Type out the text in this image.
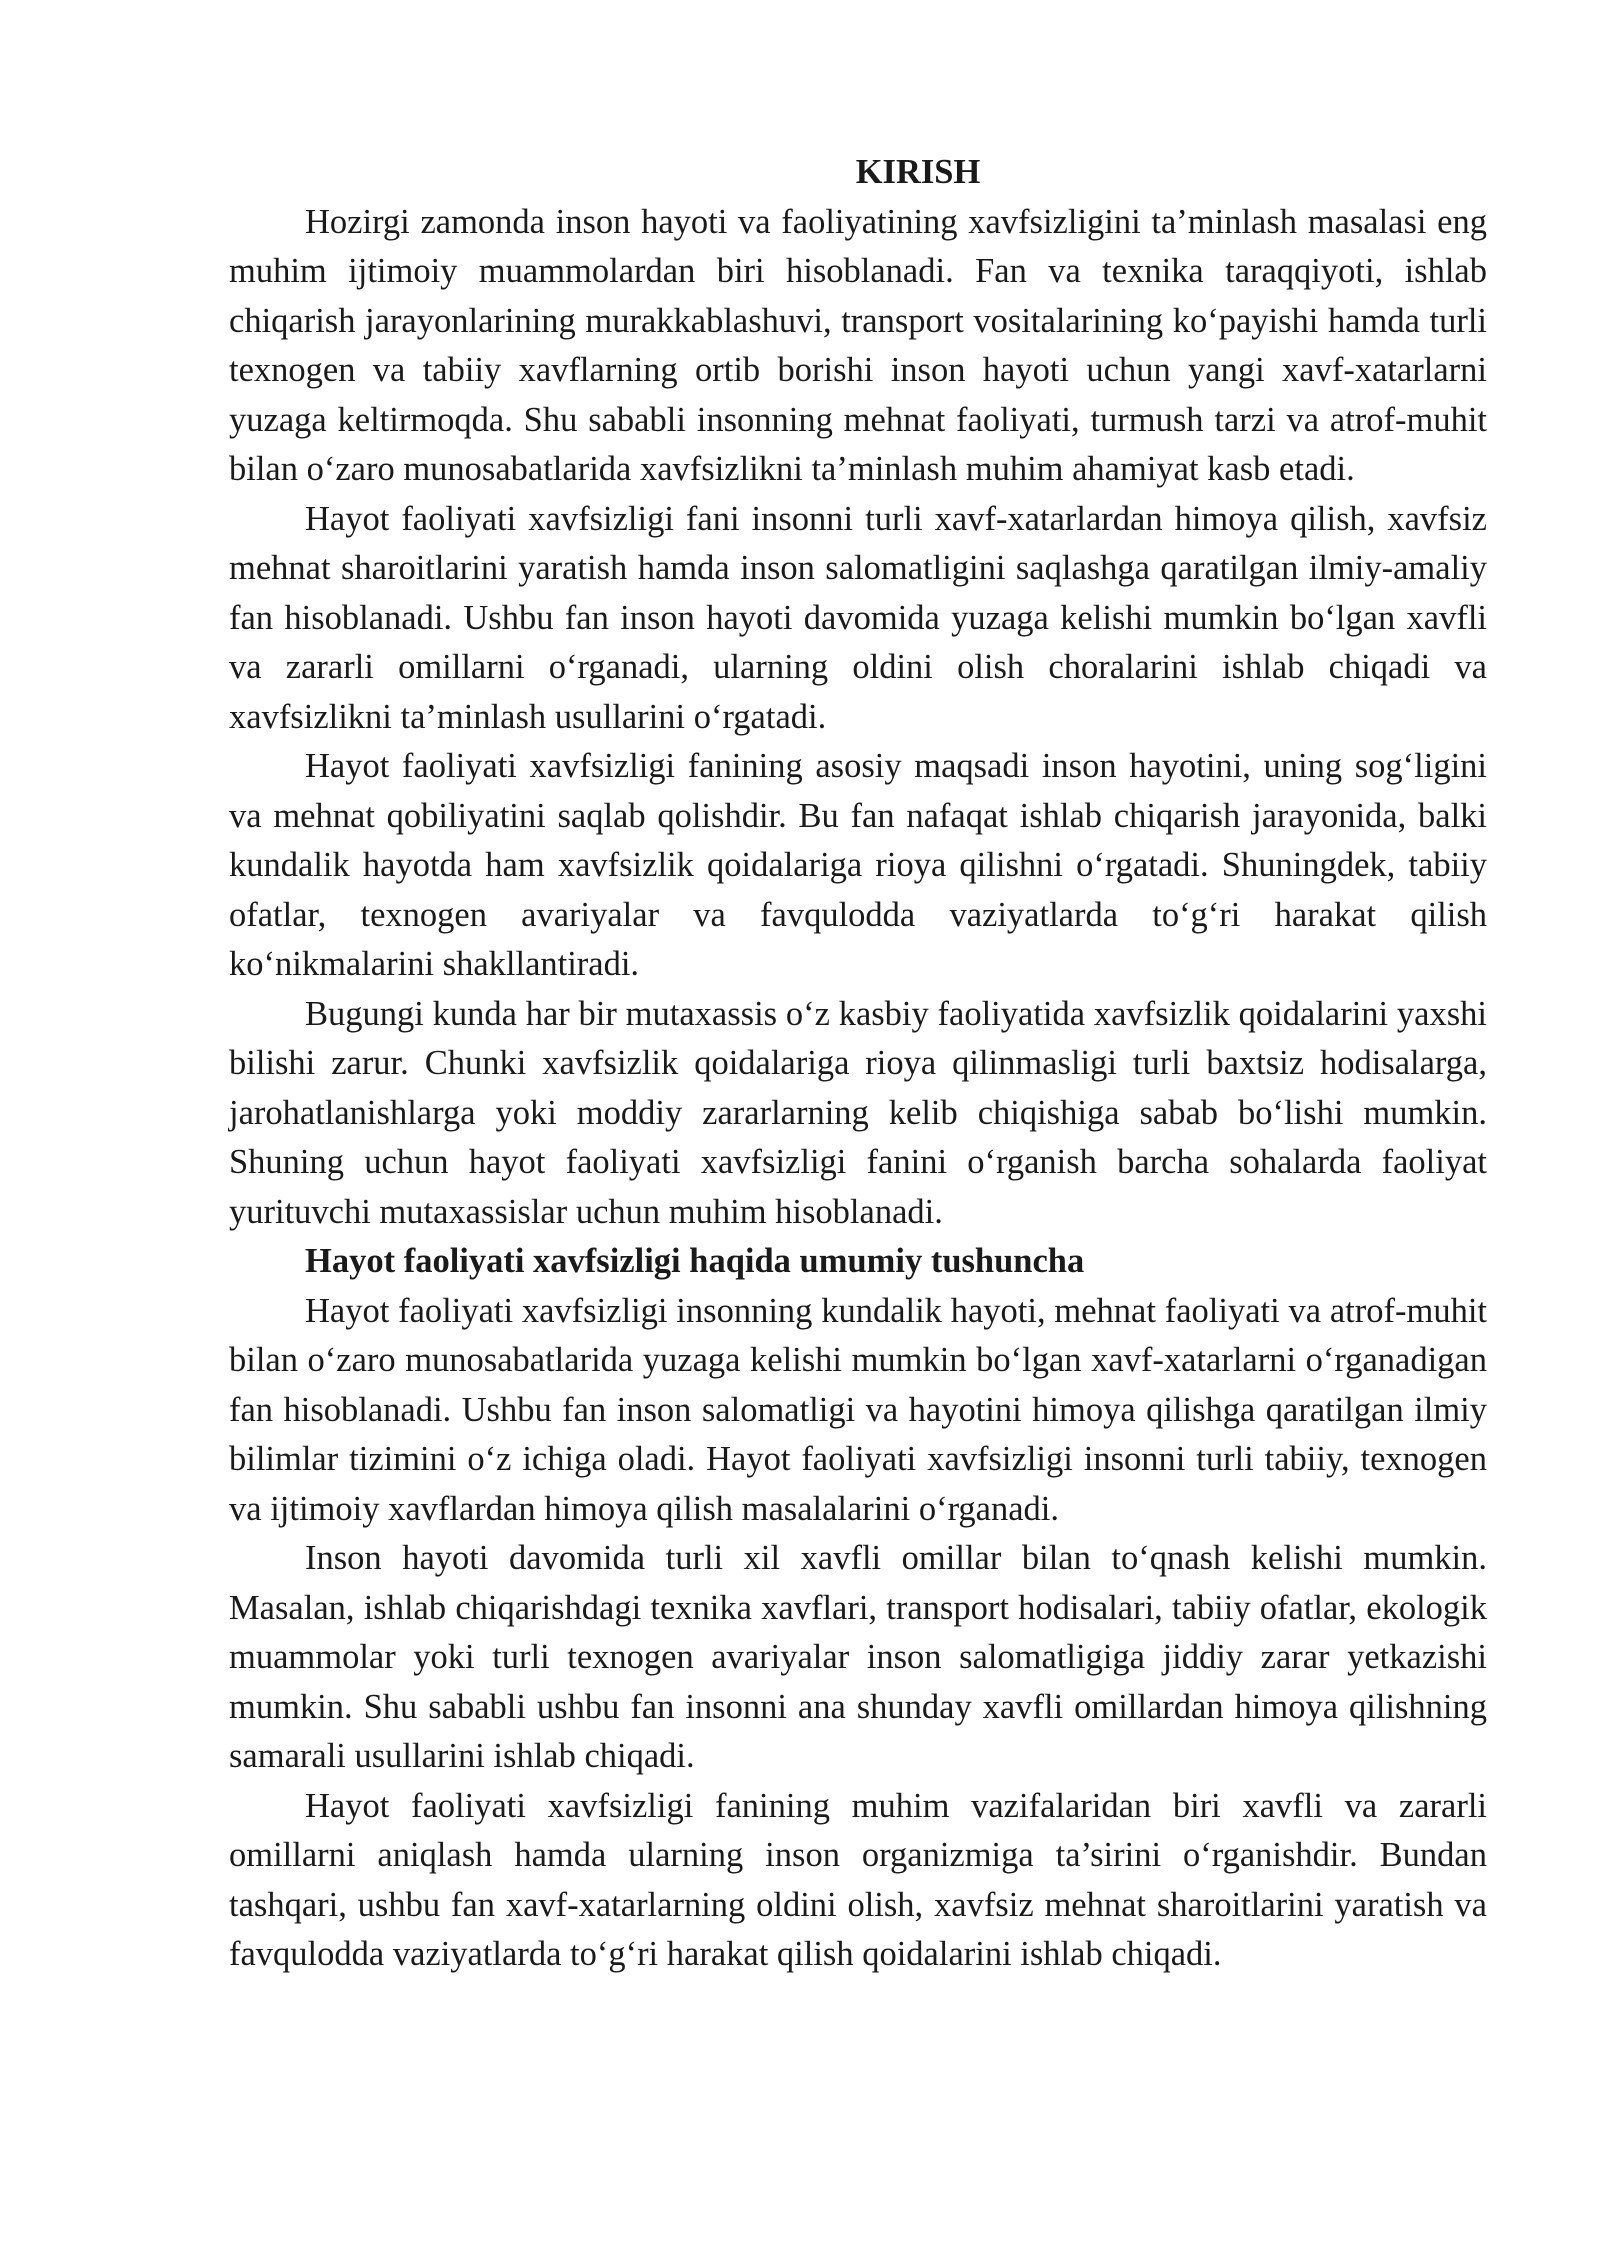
KIRISH

Hozirgi zamonda inson hayoti va faoliyatining xavfsizligini ta’minlash masalasi eng muhim ijtimoiy muammolardan biri hisoblanadi. Fan va texnika taraqqiyoti, ishlab chiqarish jarayonlarining murakkablashuvi, transport vositalarining ko‘payishi hamda turli texnogen va tabiiy xavflarning ortib borishi inson hayoti uchun yangi xavf-xatarlarni yuzaga keltirmoqda. Shu sababli insonning mehnat faoliyati, turmush tarzi va atrof-muhit bilan o‘zaro munosabatlarida xavfsizlikni ta’minlash muhim ahamiyat kasb etadi.

Hayot faoliyati xavfsizligi fani insonni turli xavf-xatarlardan himoya qilish, xavfsiz mehnat sharoitlarini yaratish hamda inson salomatligini saqlashga qaratilgan ilmiy-amaliy fan hisoblanadi. Ushbu fan inson hayoti davomida yuzaga kelishi mumkin bo‘lgan xavfli va zararli omillarni o‘rganadi, ularning oldini olish choralarini ishlab chiqadi va xavfsizlikni ta’minlash usullarini o‘rgatadi.

Hayot faoliyati xavfsizligi fanining asosiy maqsadi inson hayotini, uning sog‘ligini va mehnat qobiliyatini saqlab qolishdir. Bu fan nafaqat ishlab chiqarish jarayonida, balki kundalik hayotda ham xavfsizlik qoidalariga rioya qilishni o‘rgatadi. Shuningdek, tabiiy ofatlar, texnogen avariyalar va favqulodda vaziyatlarda to‘g‘ri harakat qilish ko‘nikmalarini shakllantiradi.

Bugungi kunda har bir mutaxassis o‘z kasbiy faoliyatida xavfsizlik qoidalarini yaxshi bilishi zarur. Chunki xavfsizlik qoidalariga rioya qilinmasligi turli baxtsiz hodisalarga, jarohatlanishlarga yoki moddiy zararlarning kelib chiqishiga sabab bo‘lishi mumkin. Shuning uchun hayot faoliyati xavfsizligi fanini o‘rganish barcha sohalarda faoliyat yurituvchi mutaxassislar uchun muhim hisoblanadi.

Hayot faoliyati xavfsizligi haqida umumiy tushuncha

Hayot faoliyati xavfsizligi insonning kundalik hayoti, mehnat faoliyati va atrof-muhit bilan o‘zaro munosabatlarida yuzaga kelishi mumkin bo‘lgan xavf-xatarlarni o‘rganadigan fan hisoblanadi. Ushbu fan inson salomatligi va hayotini himoya qilishga qaratilgan ilmiy bilimlar tizimini o‘z ichiga oladi. Hayot faoliyati xavfsizligi insonni turli tabiiy, texnogen va ijtimoiy xavflardan himoya qilish masalalarini o‘rganadi.

Inson hayoti davomida turli xil xavfli omillar bilan to‘qnash kelishi mumkin. Masalan, ishlab chiqarishdagi texnika xavflari, transport hodisalari, tabiiy ofatlar, ekologik muammolar yoki turli texnogen avariyalar inson salomatligiga jiddiy zarar yetkazishi mumkin. Shu sababli ushbu fan insonni ana shunday xavfli omillardan himoya qilishning samarali usullarini ishlab chiqadi.

Hayot faoliyati xavfsizligi fanining muhim vazifalaridan biri xavfli va zararli omillarni aniqlash hamda ularning inson organizmiga ta’sirini o‘rganishdir. Bundan tashqari, ushbu fan xavf-xatarlarning oldini olish, xavfsiz mehnat sharoitlarini yaratish va favqulodda vaziyatlarda to‘g‘ri harakat qilish qoidalarini ishlab chiqadi.
